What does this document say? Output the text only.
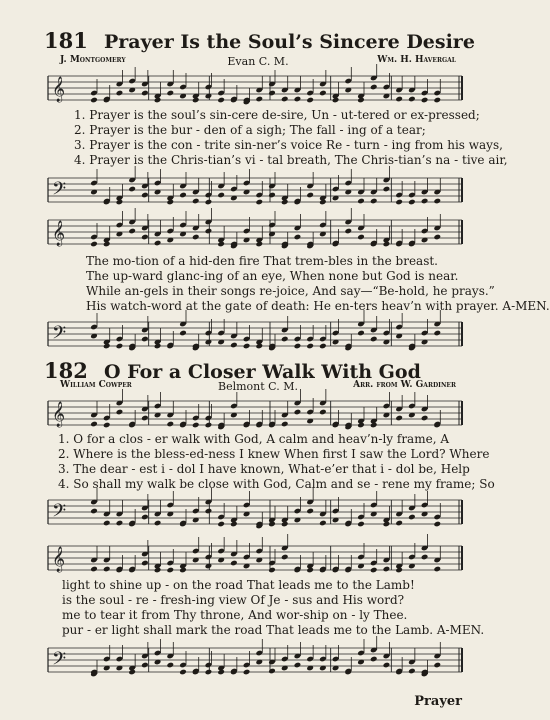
181 Prayer Is the Soul’s Sincere Desire
J. Montgomery	Evan C. M.	Wm. H. Havergal
𝄞
1. Prayer is the soul’s sin-cere de-sire, Un - ut-tered or ex-pressed;
2. Prayer is the bur - den of a sigh; The fall - ing of a tear;
3. Prayer is the con - trite sin-ner’s voice Re - turn - ing from his ways,
4. Prayer is the Chris-tian’s vi - tal breath, The Chris-tian’s na - tive air,
𝄢
𝄞
The mo-tion of a hid-den fire That trem-bles in the breast.
The up-ward glanc-ing of an eye, When none but God is near.
While an-gels in their songs re-joice, And say—“Be-hold, he prays.”
His watch-word at the gate of death: He en-ters heav’n with prayer. A-MEN.
𝄢
182 O For a Closer Walk With God
William Cowper	Belmont C. M.	Arr. from W. Gardiner
𝄞
1. O for a clos - er walk with God, A calm and heav’n-ly frame, A
2. Where is the bless-ed-ness I knew When first I saw the Lord? Where
3. The dear - est i - dol I have known, What-e’er that i - dol be, Help
4. So shall my walk be close with God, Calm and se - rene my frame; So
𝄢
𝄞
light to shine up - on the road That leads me to the Lamb!
is the soul - re - fresh-ing view Of Je - sus and His word?
me to tear it from Thy throne, And wor-ship on - ly Thee.
pur - er light shall mark the road That leads me to the Lamb. A-MEN.
𝄢
Prayer
